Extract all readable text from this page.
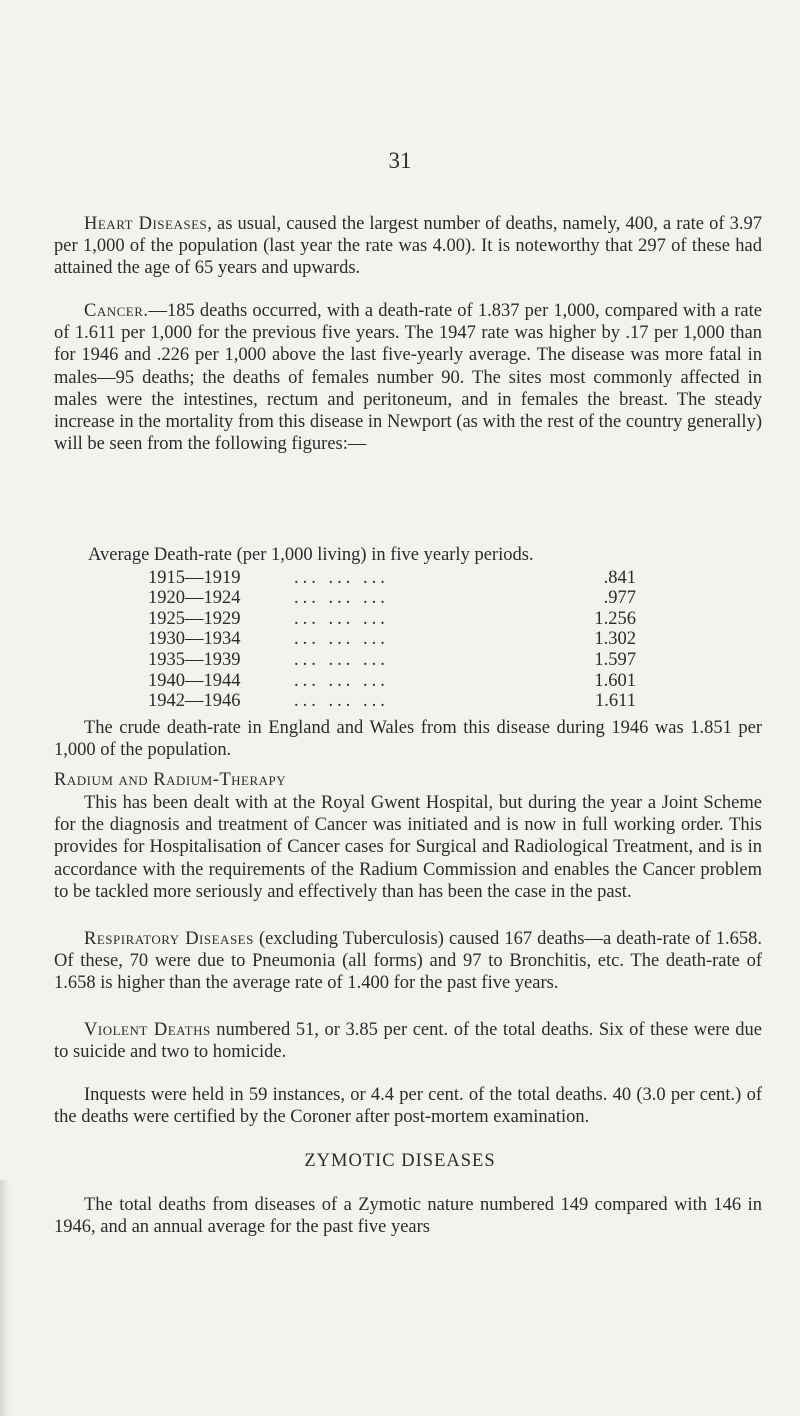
31

Heart Diseases, as usual, caused the largest number of deaths, namely, 400, a rate of 3.97 per 1,000 of the population (last year the rate was 4.00). It is noteworthy that 297 of these had attained the age of 65 years and upwards.

Cancer.—185 deaths occurred, with a death-rate of 1.837 per 1,000, compared with a rate of 1.611 per 1,000 for the previous five years. The 1947 rate was higher by .17 per 1,000 than for 1946 and .226 per 1,000 above the last five-yearly average. The disease was more fatal in males—95 deaths; the deaths of females number 90. The sites most commonly affected in males were the intestines, rectum and peritoneum, and in females the breast. The steady increase in the mortality from this disease in Newport (as with the rest of the country generally) will be seen from the following figures:—

Average Death-rate (per 1,000 living) in five yearly periods.
1915—1919	... ... ...	.841
1920—1924	... ... ...	.977
1925—1929	... ... ...	1.256
1930—1934	... ... ...	1.302
1935—1939	... ... ...	1.597
1940—1944	... ... ...	1.601
1942—1946	... ... ...	1.611

The crude death-rate in England and Wales from this disease during 1946 was 1.851 per 1,000 of the population.

Radium and Radium-Therapy

This has been dealt with at the Royal Gwent Hospital, but during the year a Joint Scheme for the diagnosis and treatment of Cancer was initiated and is now in full working order. This provides for Hospitalisation of Cancer cases for Surgical and Radiological Treatment, and is in accordance with the requirements of the Radium Commission and enables the Cancer problem to be tackled more seriously and effectively than has been the case in the past.

Respiratory Diseases (excluding Tuberculosis) caused 167 deaths—a death-rate of 1.658. Of these, 70 were due to Pneumonia (all forms) and 97 to Bronchitis, etc. The death-rate of 1.658 is higher than the average rate of 1.400 for the past five years.

Violent Deaths numbered 51, or 3.85 per cent. of the total deaths. Six of these were due to suicide and two to homicide.

Inquests were held in 59 instances, or 4.4 per cent. of the total deaths. 40 (3.0 per cent.) of the deaths were certified by the Coroner after post-mortem examination.

ZYMOTIC DISEASES

The total deaths from diseases of a Zymotic nature numbered 149 compared with 146 in 1946, and an annual average for the past five years
